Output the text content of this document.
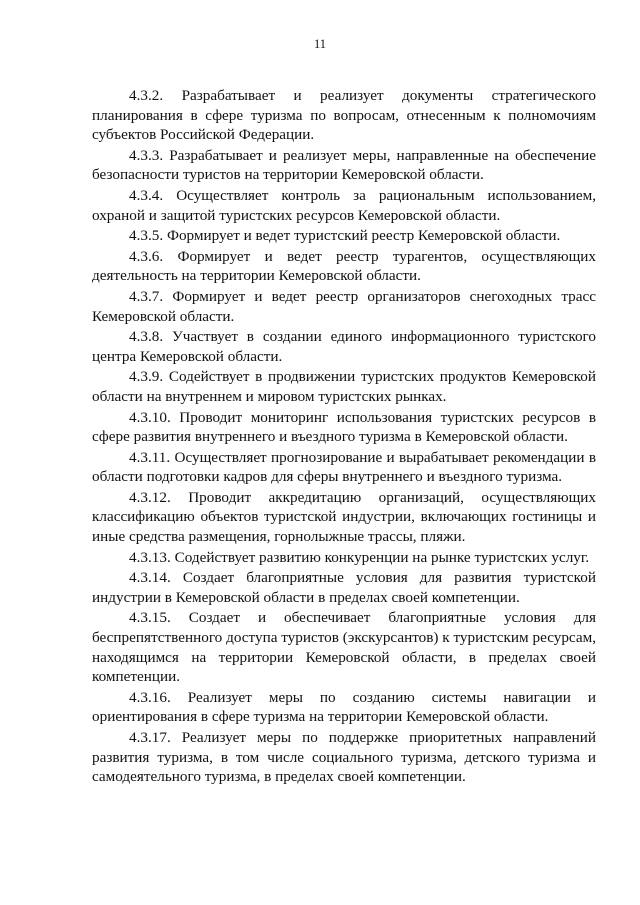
11

4.3.2. Разрабатывает и реализует документы стратегического планирования в сфере туризма по вопросам, отнесенным к полномочиям субъектов Российской Федерации.

4.3.3. Разрабатывает и реализует меры, направленные на обеспечение безопасности туристов на территории Кемеровской области.

4.3.4. Осуществляет контроль за рациональным использованием, охраной и защитой туристских ресурсов Кемеровской области.

4.3.5. Формирует и ведет туристский реестр Кемеровской области.

4.3.6. Формирует и ведет реестр турагентов, осуществляющих деятельность на территории Кемеровской области.

4.3.7. Формирует и ведет реестр организаторов снегоходных трасс Кемеровской области.

4.3.8. Участвует в создании единого информационного туристского центра Кемеровской области.

4.3.9. Содействует в продвижении туристских продуктов Кемеровской области на внутреннем и мировом туристских рынках.

4.3.10. Проводит мониторинг использования туристских ресурсов в сфере развития внутреннего и въездного туризма в Кемеровской области.

4.3.11. Осуществляет прогнозирование и вырабатывает рекомендации в области подготовки кадров для сферы внутреннего и въездного туризма.

4.3.12. Проводит аккредитацию организаций, осуществляющих классификацию объектов туристской индустрии, включающих гостиницы и иные средства размещения, горнолыжные трассы, пляжи.

4.3.13. Содействует развитию конкуренции на рынке туристских услуг.

4.3.14. Создает благоприятные условия для развития туристской индустрии в Кемеровской области в пределах своей компетенции.

4.3.15. Создает и обеспечивает благоприятные условия для беспрепятственного доступа туристов (экскурсантов) к туристским ресурсам, находящимся на территории Кемеровской области, в пределах своей компетенции.

4.3.16. Реализует меры по созданию системы навигации и ориентирования в сфере туризма на территории Кемеровской области.

4.3.17. Реализует меры по поддержке приоритетных направлений развития туризма, в том числе социального туризма, детского туризма и самодеятельного туризма, в пределах своей компетенции.
